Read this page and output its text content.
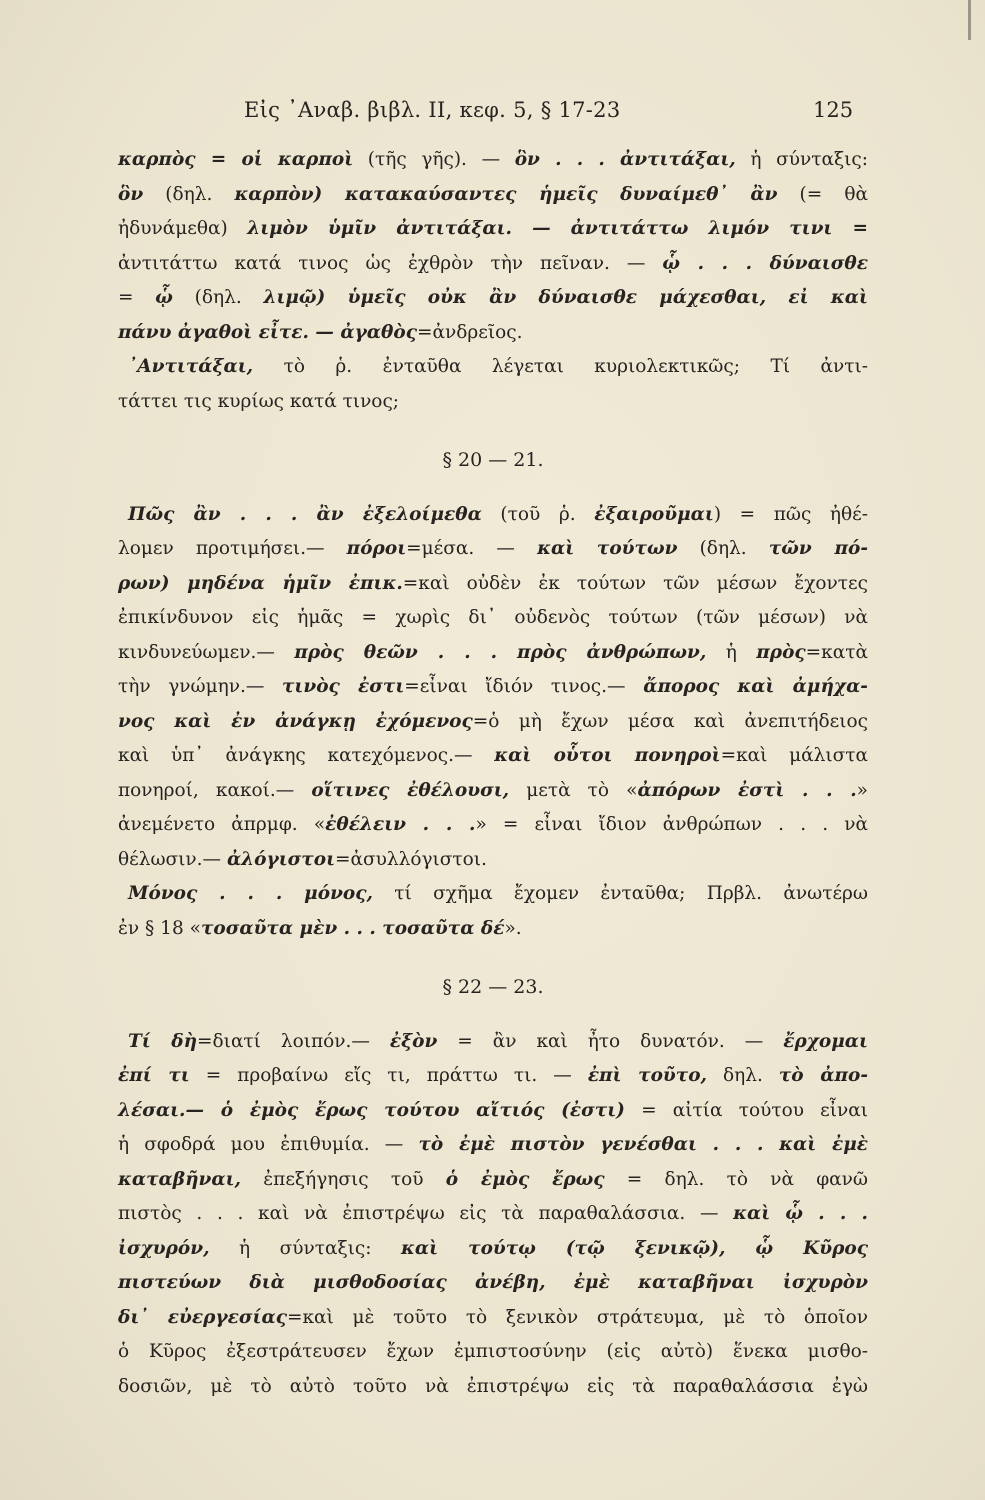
Εἰς ᾿Αναβ. βιβλ. ΙΙ, κεφ. 5, § 17-23	125
καρπὸς = οἱ καρποὶ (τῆς γῆς). — ὃν . . . ἀντιτάξαι, ἡ σύνταξις:
ὃν (δηλ. καρπὸν) κατακαύσαντες ἡμεῖς δυναίμεθ᾿ ἂν (= θὰ
ἠδυνάμεθα) λιμὸν ὑμῖν ἀντιτάξαι. — ἀντιτάττω λιμόν τινι =
ἀντιτάττω κατά τινος ὡς ἐχθρὸν τὴν πεῖναν. — ᾧ . . . δύναισθε
= ᾧ (δηλ. λιμῷ) ὑμεῖς οὐκ ἂν δύναισθε μάχεσθαι, εἰ καὶ
πάνυ ἀγαθοὶ εἶτε. — ἀγαθὸς=ἀνδρεῖος.
᾿Αντιτάξαι, τὸ ῥ. ἐνταῦθα λέγεται κυριολεκτικῶς; Τί ἀντι-
τάττει τις κυρίως κατά τινος;
§ 20 — 21.
Πῶς ἂν . . . ἂν ἐξελοίμεθα (τοῦ ῥ. ἐξαιροῦμαι) = πῶς ἠθέ-
λομεν προτιμήσει.— πόροι=μέσα. — καὶ τούτων (δηλ. τῶν πό-
ρων) μηδένα ἡμῖν ἐπικ.=καὶ οὐδὲν ἐκ τούτων τῶν μέσων ἔχοντες
ἐπικίνδυνον εἰς ἡμᾶς = χωρὶς δι᾿ οὐδενὸς τούτων (τῶν μέσων) νὰ
κινδυνεύωμεν.— πρὸς θεῶν . . . πρὸς ἀνθρώπων, ἡ πρὸς=κατὰ
τὴν γνώμην.— τινὸς ἐστι=εἶναι ἴδιόν τινος.— ἄπορος καὶ ἀμήχα-
νος καὶ ἐν ἀνάγκῃ ἐχόμενος=ὁ μὴ ἔχων μέσα καὶ ἀνεπιτήδειος
καὶ ὑπ᾿ ἀνάγκης κατεχόμενος.— καὶ οὗτοι πονηροὶ=καὶ μάλιστα
πονηροί, κακοί.— οἵτινες ἐθέλουσι, μετὰ τὸ «ἀπόρων ἐστὶ . . .»
ἀνεμένετο ἀπρμφ. «ἐθέλειν . . .» = εἶναι ἴδιον ἀνθρώπων . . . νὰ
θέλωσιν.— ἀλόγιστοι=ἀσυλλόγιστοι.
Μόνος . . . μόνος, τί σχῆμα ἔχομεν ἐνταῦθα; Πρβλ. ἀνωτέρω
ἐν § 18 «τοσαῦτα μὲν . . . τοσαῦτα δέ».
§ 22 — 23.
Τί δὴ=διατί λοιπόν.— ἐξὸν = ἂν καὶ ἦτο δυνατόν. — ἔρχομαι
ἐπί τι = προβαίνω εἴς τι, πράττω τι. — ἐπὶ τοῦτο, δηλ. τὸ ἀπο-
λέσαι.— ὁ ἐμὸς ἔρως τούτου αἴτιός (ἐστι) = αἰτία τούτου εἶναι
ἡ σφοδρά μου ἐπιθυμία. — τὸ ἐμὲ πιστὸν γενέσθαι . . . καὶ ἐμὲ
καταβῆναι, ἐπεξήγησις τοῦ ὁ ἐμὸς ἔρως = δηλ. τὸ νὰ φανῶ
πιστὸς . . . καὶ νὰ ἐπιστρέψω εἰς τὰ παραθαλάσσια. — καὶ ᾧ . . .
ἰσχυρόν, ἡ σύνταξις: καὶ τούτῳ (τῷ ξενικῷ), ᾧ Κῦρος
πιστεύων διὰ μισθοδοσίας ἀνέβη, ἐμὲ καταβῆναι ἰσχυρὸν
δι᾿ εὐεργεσίας=καὶ μὲ τοῦτο τὸ ξενικὸν στράτευμα, μὲ τὸ ὁποῖον
ὁ Κῦρος ἐξεστράτευσεν ἔχων ἐμπιστοσύνην (εἰς αὐτὸ) ἕνεκα μισθο-
δοσιῶν, μὲ τὸ αὐτὸ τοῦτο νὰ ἐπιστρέψω εἰς τὰ παραθαλάσσια ἐγὼ
